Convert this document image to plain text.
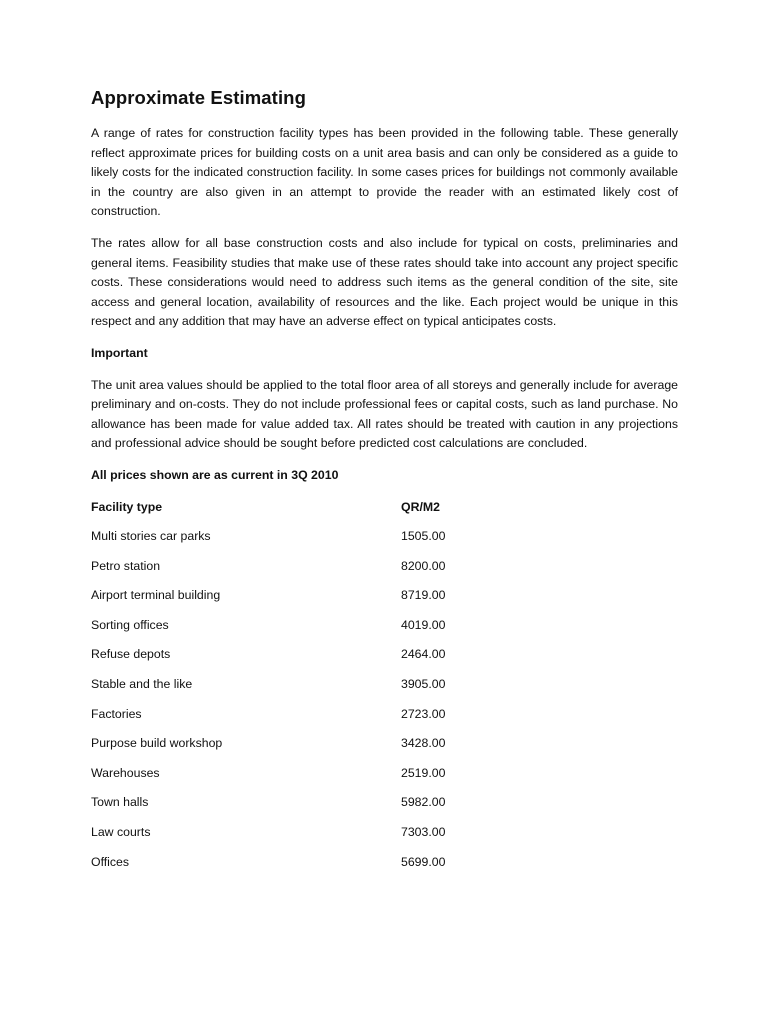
Approximate Estimating

A range of rates for construction facility types has been provided in the following table. These generally reflect approximate prices for building costs on a unit area basis and can only be considered as a guide to likely costs for the indicated construction facility. In some cases prices for buildings not commonly available in the country are also given in an attempt to provide the reader with an estimated likely cost of construction.

The rates allow for all base construction costs and also include for typical on costs, preliminaries and general items. Feasibility studies that make use of these rates should take into account any project specific costs. These considerations would need to address such items as the general condition of the site, site access and general location, availability of resources and the like. Each project would be unique in this respect and any addition that may have an adverse effect on typical anticipates costs.

Important

The unit area values should be applied to the total floor area of all storeys and generally include for average preliminary and on-costs. They do not include professional fees or capital costs, such as land purchase. No allowance has been made for value added tax. All rates should be treated with caution in any projections and professional advice should be sought before predicted cost calculations are concluded.

All prices shown are as current in 3Q 2010
Facility type	QR/M2
Multi stories car parks	1505.00
Petro station	8200.00
Airport terminal building	8719.00
Sorting offices	4019.00
Refuse depots	2464.00
Stable and the like	3905.00
Factories	2723.00
Purpose build workshop	3428.00
Warehouses	2519.00
Town halls	5982.00
Law courts	7303.00
Offices	5699.00
